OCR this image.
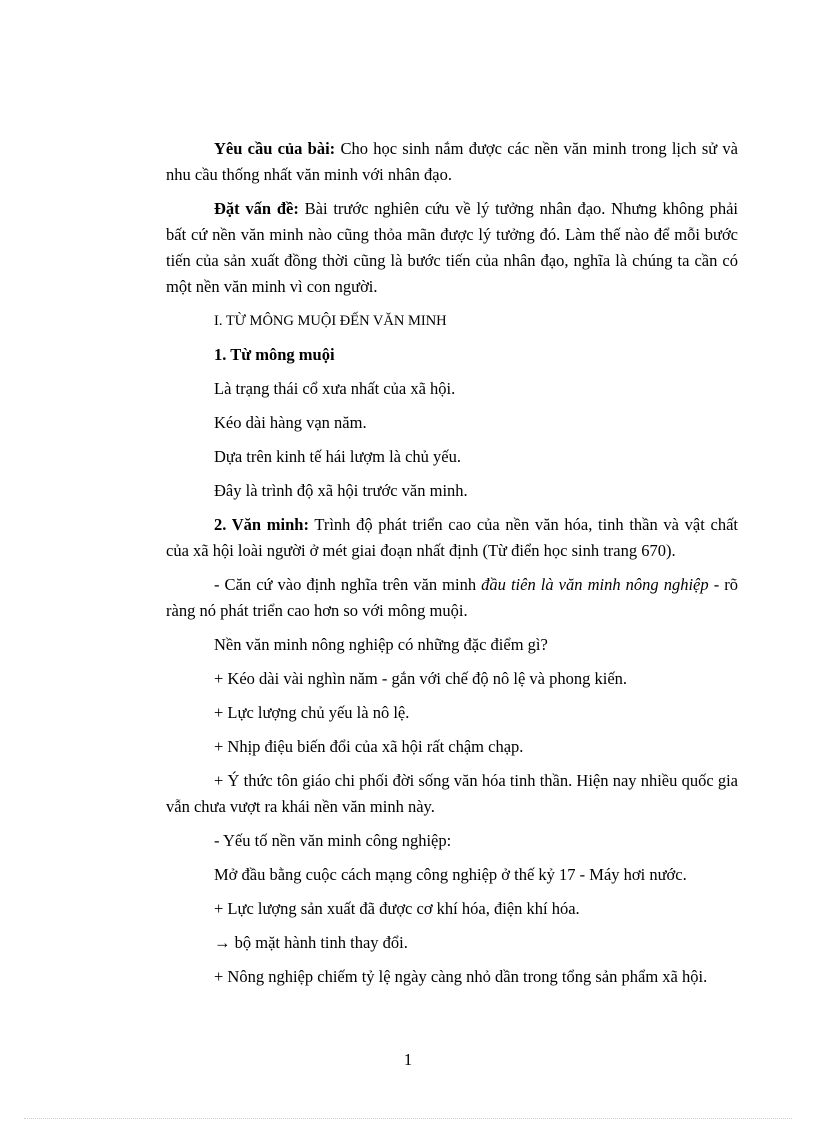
Yêu cầu của bài: Cho học sinh nắm được các nền văn minh trong lịch sử và nhu cầu thống nhất văn minh với nhân đạo.

Đặt vấn đề: Bài trước nghiên cứu về lý tưởng nhân đạo. Nhưng không phải bất cứ nền văn minh nào cũng thỏa mãn được lý tưởng đó. Làm thế nào để mỗi bước tiến của sản xuất đồng thời cũng là bước tiến của nhân đạo, nghĩa là chúng ta cần có một nền văn minh vì con người.

I. TỪ MÔNG MUỘI ĐẾN VĂN MINH

1. Từ mông muội

Là trạng thái cổ xưa nhất của xã hội.

Kéo dài hàng vạn năm.

Dựa trên kinh tế hái lượm là chủ yếu.

Đây là trình độ xã hội trước văn minh.

2. Văn minh: Trình độ phát triển cao của nền văn hóa, tinh thần và vật chất của xã hội loài người ở mét giai đoạn nhất định (Từ điển học sinh trang 670).

- Căn cứ vào định nghĩa trên văn minh đầu tiên là văn minh nông nghiệp - rõ ràng nó phát triển cao hơn so với mông muội.

Nền văn minh nông nghiệp có những đặc điểm gì?

+ Kéo dài vài nghìn năm - gắn với chế độ nô lệ và phong kiến.

+ Lực lượng chủ yếu là nô lệ.

+ Nhịp điệu biến đổi của xã hội rất chậm chạp.

+ Ý thức tôn giáo chi phối đời sống văn hóa tinh thần. Hiện nay nhiều quốc gia vẫn chưa vượt ra khái nền văn minh này.

- Yếu tố nền văn minh công nghiệp:

Mở đầu bằng cuộc cách mạng công nghiệp ở thế kỷ 17 - Máy hơi nước.

+ Lực lượng sản xuất đã được cơ khí hóa, điện khí hóa.

→ bộ mặt hành tinh thay đổi.

+ Nông nghiệp chiếm tỷ lệ ngày càng nhỏ dần trong tổng sản phẩm xã hội.

1
